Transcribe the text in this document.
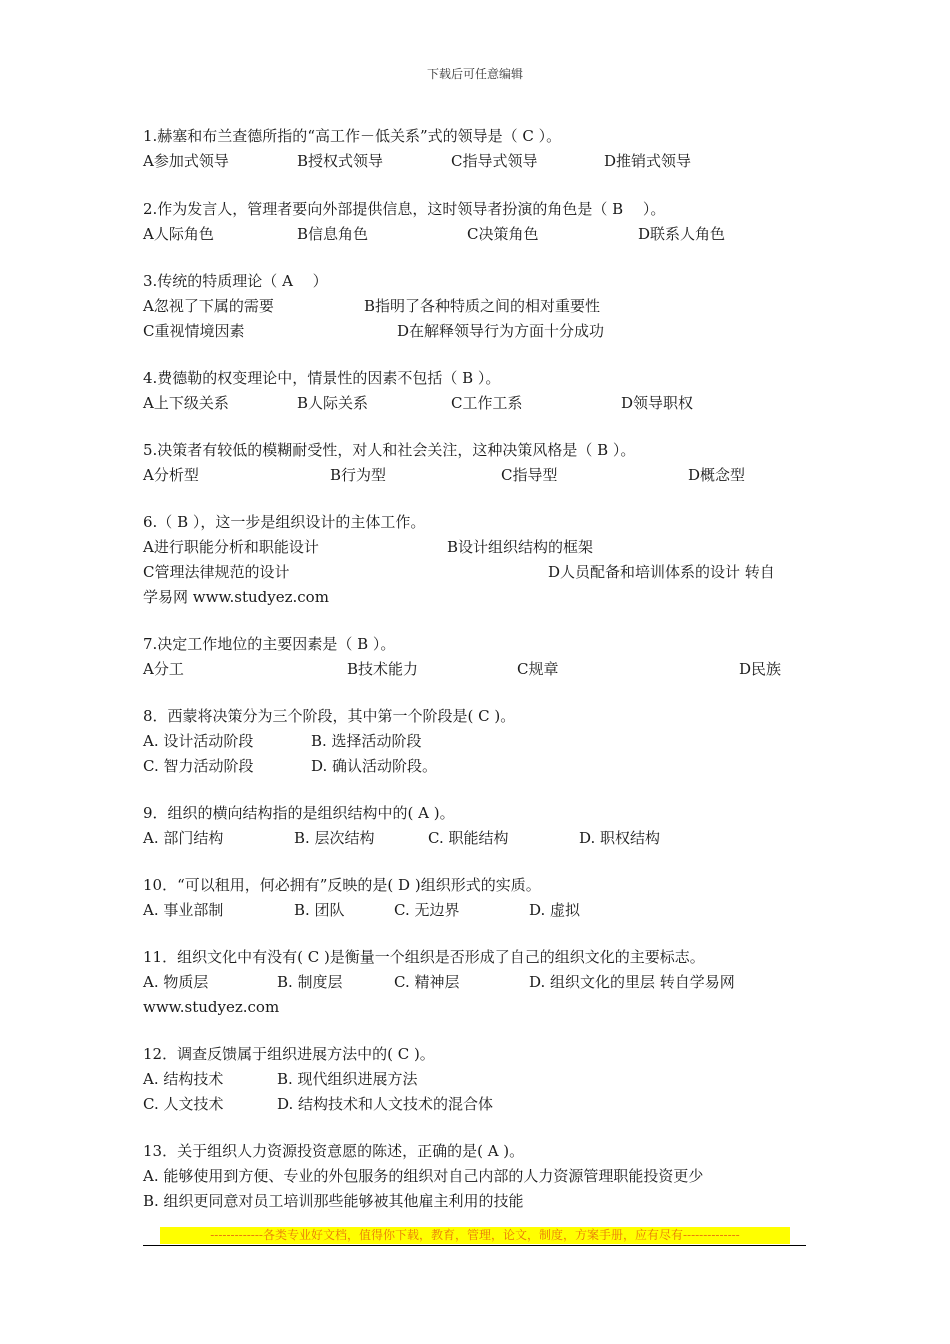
下载后可任意编辑
1.赫塞和布兰查德所指的“高工作－低关系”式的领导是（ C ）。
A参加式领导	B授权式领导	C指导式领导	D推销式领导
2.作为发言人，管理者要向外部提供信息，这时领导者扮演的角色是（ B　 ）。
A人际角色	B信息角色	C决策角色	D联系人角色
3.传统的特质理论（ A　 ）
A忽视了下属的需要	B指明了各种特质之间的相对重要性
C重视情境因素	D在解释领导行为方面十分成功
4.费德勒的权变理论中，情景性的因素不包括（ B ）。
A上下级关系	B人际关系	C工作工系	D领导职权
5.决策者有较低的模糊耐受性，对人和社会关注，这种决策风格是（ B ）。
A分析型	B行为型	C指导型	D概念型
6.（ B ），这一步是组织设计的主体工作。
A进行职能分析和职能设计	B设计组织结构的框架
C管理法律规范的设计	D人员配备和培训体系的设计 转自
学易网 www.studyez.com
7.决定工作地位的主要因素是（ B ）。
A分工	B技术能力	C规章	D民族
8．西蒙将决策分为三个阶段，其中第一个阶段是( C )。
A. 设计活动阶段	B. 选择活动阶段
C. 智力活动阶段	D. 确认活动阶段。
9．组织的横向结构指的是组织结构中的( A )。
A. 部门结构	B. 层次结构	C. 职能结构	D. 职权结构
10．“可以租用，何必拥有”反映的是( D )组织形式的实质。
A. 事业部制	B. 团队	C. 无边界	D. 虚拟
11．组织文化中有没有( C )是衡量一个组织是否形成了自己的组织文化的主要标志。
A. 物质层	B. 制度层	C. 精神层	D. 组织文化的里层 转自学易网
www.studyez.com
12．调查反馈属于组织进展方法中的( C )。
A. 结构技术	B. 现代组织进展方法
C. 人文技术	D. 结构技术和人文技术的混合体
13．关于组织人力资源投资意愿的陈述，正确的是( A )。
A. 能够使用到方便、专业的外包服务的组织对自己内部的人力资源管理职能投资更少
B. 组织更同意对员工培训那些能够被其他雇主利用的技能
-------------各类专业好文档，值得你下载，教育，管理，论文，制度，方案手册，应有尽有--------------
